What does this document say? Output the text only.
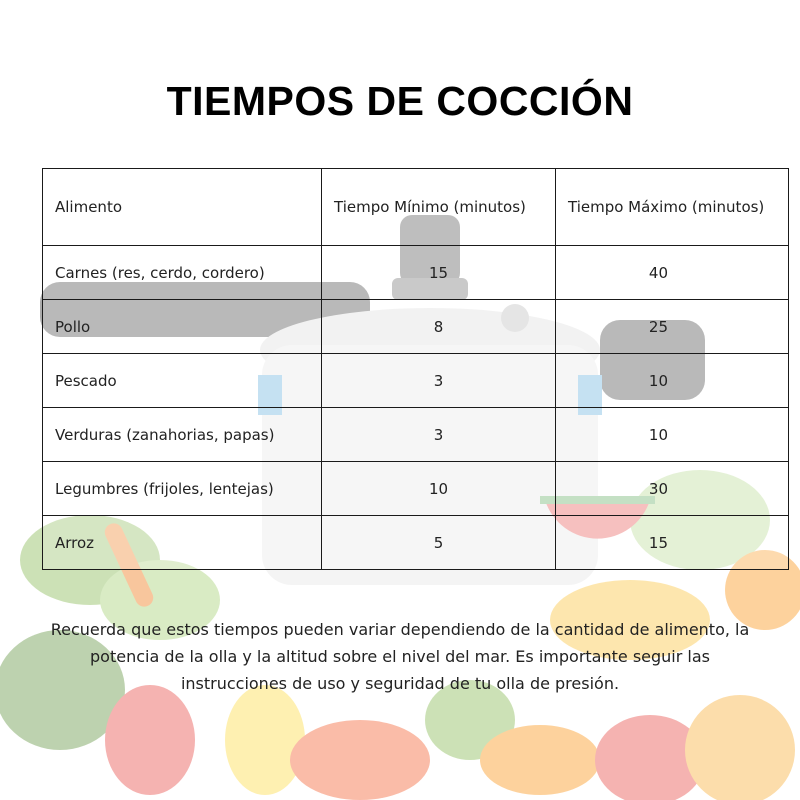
TIEMPOS DE COCCIÓN
Alimento	Tiempo Mínimo (minutos)	Tiempo Máximo (minutos)
Carnes (res, cerdo, cordero)	15	40
Pollo	8	25
Pescado	3	10
Verduras (zanahorias, papas)	3	10
Legumbres (frijoles, lentejas)	10	30
Arroz	5	15
Recuerda que estos tiempos pueden variar dependiendo de la cantidad de alimento, la
potencia de la olla y la altitud sobre el nivel del mar. Es importante seguir las
instrucciones de uso y seguridad de tu olla de presión.
